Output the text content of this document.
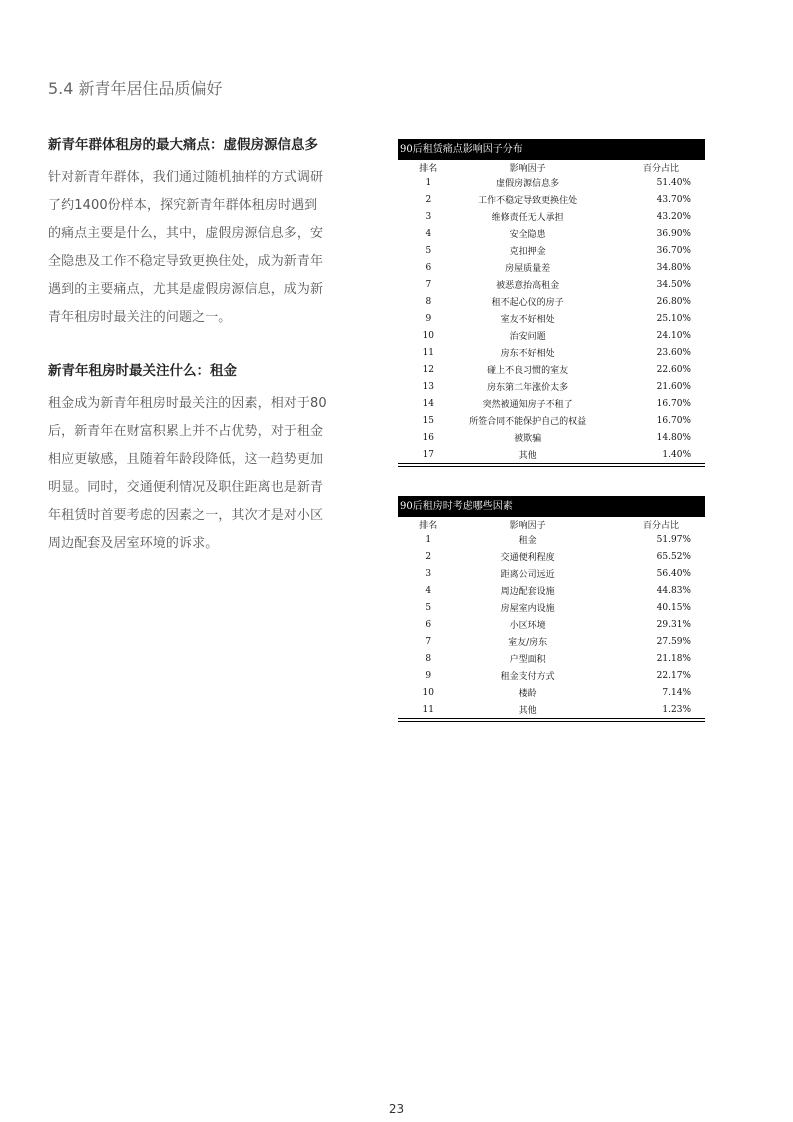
5.4 新青年居住品质偏好

新青年群体租房的最大痛点：虚假房源信息多

针对新青年群体，我们通过随机抽样的方式调研

了约1400份样本，探究新青年群体租房时遇到

的痛点主要是什么，其中，虚假房源信息多，安

全隐患及工作不稳定导致更换住处，成为新青年

遇到的主要痛点，尤其是虚假房源信息，成为新

青年租房时最关注的问题之一。

新青年租房时最关注什么：租金

租金成为新青年租房时最关注的因素，相对于80

后，新青年在财富积累上并不占优势，对于租金

相应更敏感，且随着年龄段降低，这一趋势更加

明显。同时，交通便利情况及职住距离也是新青

年租赁时首要考虑的因素之一，其次才是对小区

周边配套及居室环境的诉求。

90后租赁痛点影响因子分布
排名	影响因子	百分占比
1	虚假房源信息多	51.40%
2	工作不稳定导致更换住处	43.70%
3	维修责任无人承担	43.20%
4	安全隐患	36.90%
5	克扣押金	36.70%
6	房屋质量差	34.80%
7	被恶意抬高租金	34.50%
8	租不起心仪的房子	26.80%
9	室友不好相处	25.10%
10	治安问题	24.10%
11	房东不好相处	23.60%
12	碰上不良习惯的室友	22.60%
13	房东第二年涨价太多	21.60%
14	突然被通知房子不租了	16.70%
15	所签合同不能保护自己的权益	16.70%
16	被欺骗	14.80%
17	其他	1.40%
90后租房时考虑哪些因素
排名	影响因子	百分占比
1	租金	51.97%
2	交通便利程度	65.52%
3	距离公司远近	56.40%
4	周边配套设施	44.83%
5	房屋室内设施	40.15%
6	小区环境	29.31%
7	室友/房东	27.59%
8	户型面积	21.18%
9	租金支付方式	22.17%
10	楼龄	7.14%
11	其他	1.23%
23
